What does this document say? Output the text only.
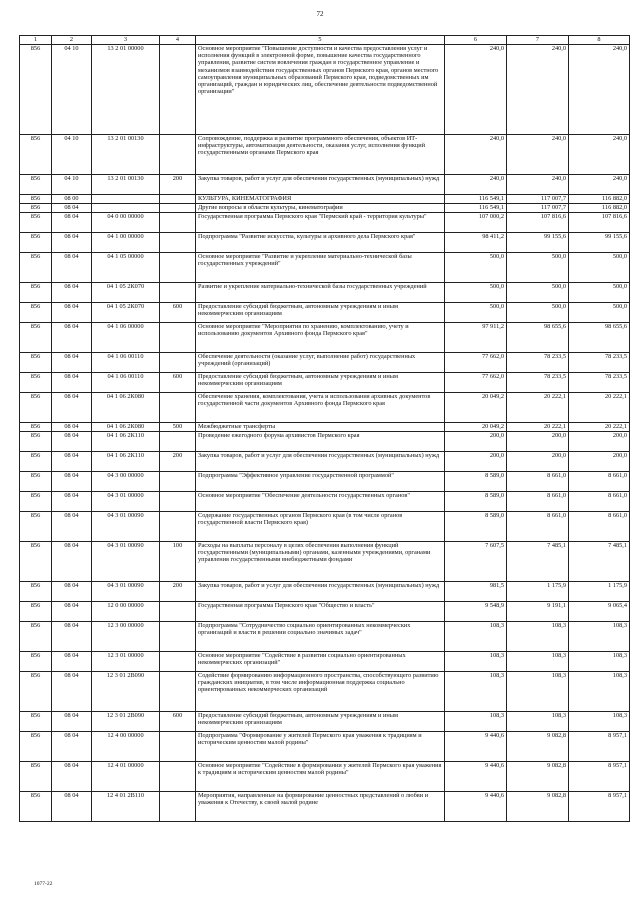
72
1	2	3	4	5	6	7	8
856	04 10	13 2 01 00000		Основное мероприятие "Повышение доступности и качества предоставления услуг и исполнения функций в электронной форме, повышение качества государственного управления, развитие систем вовлечения граждан в государственное управление и механизмов взаимодействия государственных органов Пермского края, органов местного самоуправления муниципальных образований Пермского края, подведомственных им организаций, граждан и юридических лиц, обеспечение деятельности подведомственной организации"	240,0	240,0	240,0
856	04 10	13 2 01 00130		Сопровождение, поддержка и развитие программного обеспечения, объектов ИТ-инфраструктуры, автоматизация деятельности, оказания услуг, исполнения функций государственными органами Пермского края	240,0	240,0	240,0
856	04 10	13 2 01 00130	200	Закупка товаров, работ и услуг для обеспечения государственных (муниципальных) нужд	240,0	240,0	240,0
856	08 00			КУЛЬТУРА, КИНЕМАТОГРАФИЯ	116 549,1	117 007,7	116 882,0
856	08 04			Другие вопросы в области культуры, кинематографии	116 549,1	117 007,7	116 882,0
856	08 04	04 0 00 00000		Государственная программа Пермского края "Пермский край - территория культуры"	107 000,2	107 816,6	107 816,6
856	08 04	04 1 00 00000		Подпрограмма "Развитие искусства, культуры и архивного дела Пермского края"	98 411,2	99 155,6	99 155,6
856	08 04	04 1 05 00000		Основное мероприятие "Развитие и укрепление материально-технической базы государственных учреждений"	500,0	500,0	500,0
856	08 04	04 1 05 2К070		Развитие и укрепление материально-технической базы государственных учреждений	500,0	500,0	500,0
856	08 04	04 1 05 2К070	600	Предоставление субсидий бюджетным, автономным учреждениям и иным некоммерческим организациям	500,0	500,0	500,0
856	08 04	04 1 06 00000		Основное мероприятие "Мероприятия по хранению, комплектованию, учету и использованию документов Архивного фонда Пермского края"	97 911,2	98 655,6	98 655,6
856	08 04	04 1 06 00110		Обеспечение деятельности (оказание услуг, выполнение работ) государственных учреждений (организаций)	77 662,0	78 233,5	78 233,5
856	08 04	04 1 06 00110	600	Предоставление субсидий бюджетным, автономным учреждениям и иным некоммерческим организациям	77 662,0	78 233,5	78 233,5
856	08 04	04 1 06 2К080		Обеспечение хранения, комплектования, учета и использования архивных документов государственной части документов Архивного фонда Пермского края	20 049,2	20 222,1	20 222,1
856	08 04	04 1 06 2К080	500	Межбюджетные трансферты	20 049,2	20 222,1	20 222,1
856	08 04	04 1 06 2К110		Проведение ежегодного форума архивистов Пермского края	200,0	200,0	200,0
856	08 04	04 1 06 2К110	200	Закупка товаров, работ и услуг для обеспечения государственных (муниципальных) нужд	200,0	200,0	200,0
856	08 04	04 3 00 00000		Подпрограмма "Эффективное управление государственной программой"	8 589,0	8 661,0	8 661,0
856	08 04	04 3 01 00000		Основное мероприятие "Обеспечение деятельности государственных органов"	8 589,0	8 661,0	8 661,0
856	08 04	04 3 01 00090		Содержание государственных органов Пермского края (в том числе органов государственной власти Пермского края)	8 589,0	8 661,0	8 661,0
856	08 04	04 3 01 00090	100	Расходы на выплаты персоналу в целях обеспечения выполнения функций государственными (муниципальными) органами, казенными учреждениями, органами управления государственными внебюджетными фондами	7 607,5	7 485,1	7 485,1
856	08 04	04 3 01 00090	200	Закупка товаров, работ и услуг для обеспечения государственных (муниципальных) нужд	981,5	1 175,9	1 175,9
856	08 04	12 0 00 00000		Государственная программа Пермского края "Общество и власть"	9 548,9	9 191,1	9 065,4
856	08 04	12 3 00 00000		Подпрограмма "Сотрудничество социально ориентированных некоммерческих организаций и власти в решении социально значимых задач"	108,3	108,3	108,3
856	08 04	12 3 01 00000		Основное мероприятие "Содействие в развитии социально ориентированных некоммерческих организаций"	108,3	108,3	108,3
856	08 04	12 3 01 2В090		Содействие формированию информационного пространства, способствующего развитию гражданских инициатив, в том числе информационная поддержка социально ориентированных некоммерческих организаций	108,3	108,3	108,3
856	08 04	12 3 01 2В090	600	Предоставление субсидий бюджетным, автономным учреждениям и иным некоммерческим организациям	108,3	108,3	108,3
856	08 04	12 4 00 00000		Подпрограмма "Формирование у жителей Пермского края уважения к традициям и историческим ценностям малой родины"	9 440,6	9 082,8	8 957,1
856	08 04	12 4 01 00000		Основное мероприятие "Содействие в формировании у жителей Пермского края уважения к традициям и историческим ценностям малой родины"	9 440,6	9 082,8	8 957,1
856	08 04	12 4 01 2В110		Мероприятия, направленные на формирование ценностных представлений о любви и уважения к Отечеству, к своей малой родине	9 440,6	9 082,8	8 957,1
1077-22
